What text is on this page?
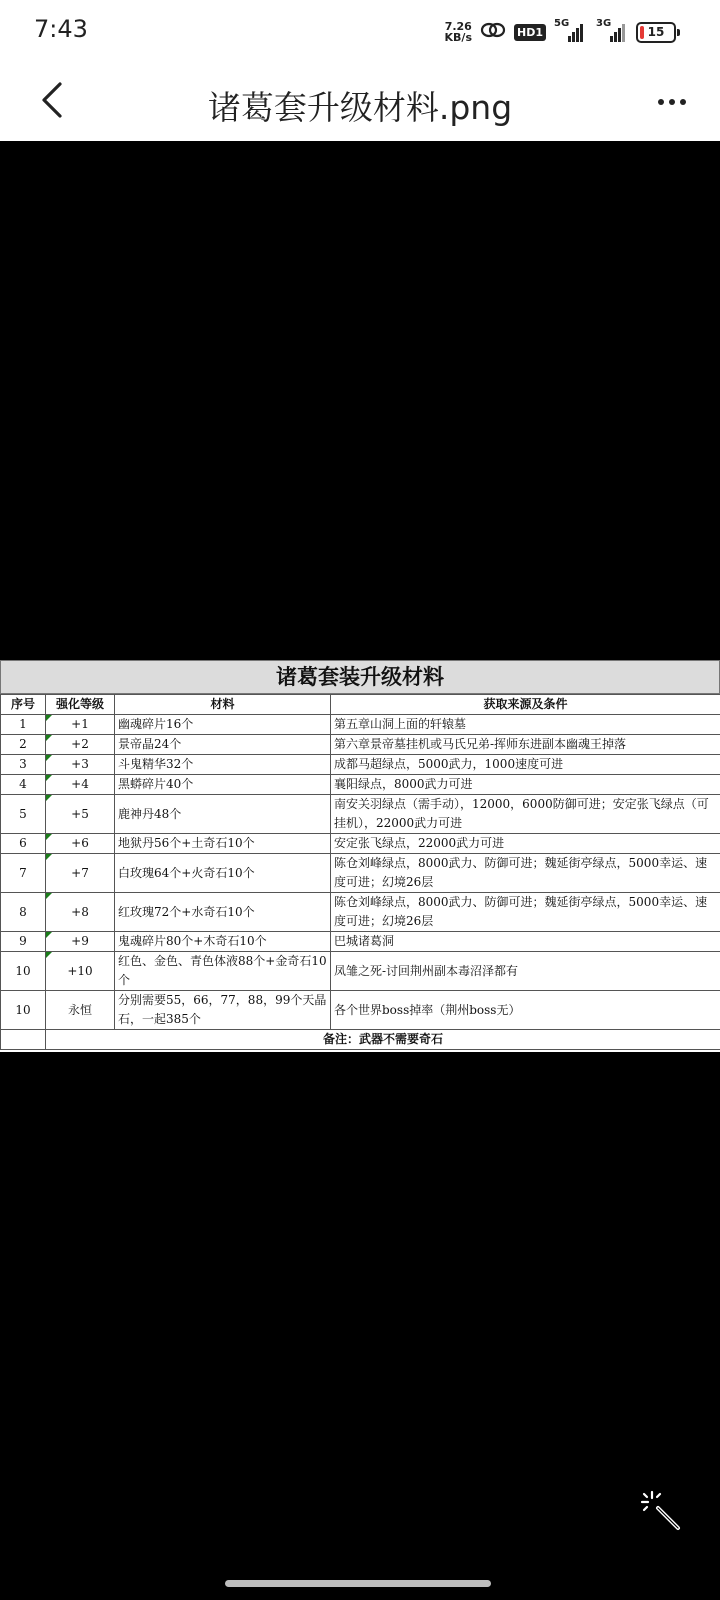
7:43	7.26
KB/s	HD1
5G	3G
15
诸葛套升级材料.png
诸葛套装升级材料
序号	强化等级	材料	获取来源及条件
1	+1	幽魂碎片16个	第五章山洞上面的轩辕墓
2	+2	景帝晶24个	第六章景帝墓挂机或马氏兄弟-挥师东进副本幽魂王掉落
3	+3	斗鬼精华32个	成都马超绿点，5000武力，1000速度可进
4	+4	黑蟒碎片40个	襄阳绿点，8000武力可进
5	+5	鹿神丹48个	南安关羽绿点（需手动），12000，6000防御可进；安定张飞绿点（可挂机），22000武力可进
6	+6	地狱丹56个+土奇石10个	安定张飞绿点，22000武力可进
7	+7	白玫瑰64个+火奇石10个	陈仓刘峰绿点，8000武力、防御可进；魏延街亭绿点，5000幸运、速度可进；幻境26层
8	+8	红玫瑰72个+水奇石10个	陈仓刘峰绿点，8000武力、防御可进；魏延街亭绿点，5000幸运、速度可进；幻境26层
9	+9	鬼魂碎片80个+木奇石10个	巴城诸葛洞
10	+10	红色、金色、青色体液88个+金奇石10个	凤雏之死-讨回荆州副本毒沼泽都有
10	永恒	分别需要55，66，77，88，99个天晶石，一起385个	各个世界boss掉率（荆州boss无）
	备注：武器不需要奇石		
